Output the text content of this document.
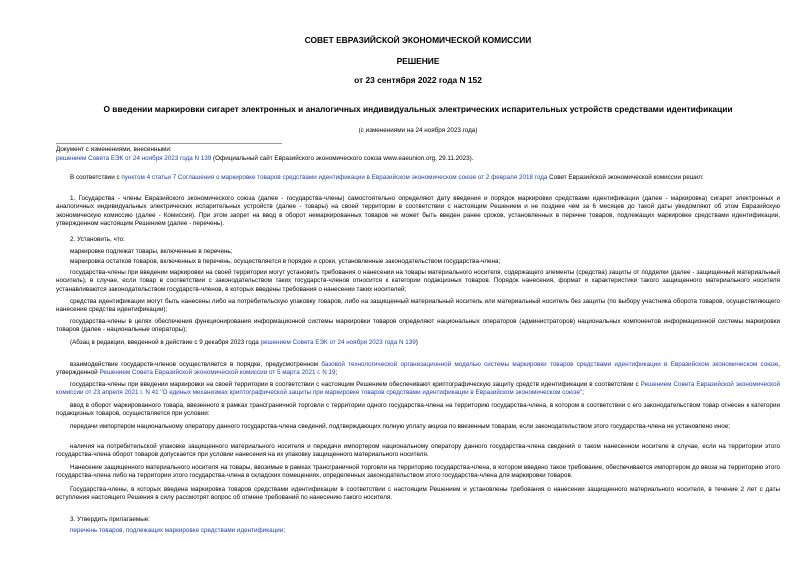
СОВЕТ ЕВРАЗИЙСКОЙ ЭКОНОМИЧЕСКОЙ КОМИССИИ
РЕШЕНИЕ
от 23 сентября 2022 года N 152
О введении маркировки сигарет электронных и аналогичных индивидуальных электрических испарительных устройств средствами идентификации
(с изменениями на 24 ноября 2023 года)
Документ с изменениями, внесенными:
решением Совета ЕЭК от 24 ноября 2023 года N 139 (Официальный сайт Евразийского экономического союза www.eaeunion.org, 29.11.2023).
В соответствии с пунктом 4 статьи 7 Соглашения о маркировке товаров средствами идентификации в Евразийском экономическом союзе от 2 февраля 2018 года Совет Евразийской экономической комиссии решил:
1. Государства - члены Евразийского экономического союза (далее - государства-члены) самостоятельно определяют дату введения и порядок маркировки средствами идентификации (далее - маркировка) сигарет электронных и аналогичных индивидуальных электрических испарительных устройств (далее - товары) на своей территории в соответствии с настоящим Решением и не позднее чем за 6 месяцев до такой даты уведомляют об этом Евразийскую экономическую комиссию (далее - Комиссия). При этом запрет на ввод в оборот немаркированных товаров не может быть введен ранее сроков, установленных в перечне товаров, подлежащих маркировке средствами идентификации, утвержденном настоящим Решением (далее - перечень).
2. Установить, что:
маркировке подлежат товары, включенные в перечень;
маркировка остатков товаров, включенных в перечень, осуществляется в порядке и сроки, установленные законодательством государства-члена;
государства-члены при введении маркировки на своей территории могут установить требования о нанесении на товары материального носителя, содержащего элементы (средства) защиты от подделки (далее - защищенный материальный носитель), в случае, если товар в соответствии с законодательством таких государств-членов относится к категории подакцизных товаров. Порядок нанесения, формат и характеристики такого защищенного материального носителя устанавливаются законодательством государств-членов, в которых введены требования о нанесении таких носителей;
средства идентификации могут быть нанесены либо на потребительскую упаковку товаров, либо на защищенный материальный носитель или материальный носитель без защиты (по выбору участника оборота товаров, осуществляющего нанесение средства идентификации);
государства-члены в целях обеспечения функционирования информационной системы маркировки товаров определяют национальных операторов (администраторов) национальных компонентов информационной системы маркировки товаров (далее - национальные операторы);
(Абзац в редакции, введенной в действие с 9 декабря 2023 года решением Совета ЕЭК от 24 ноября 2023 года N 139)
взаимодействие государств-членов осуществляется в порядке, предусмотренном базовой технологической организационной моделью системы маркировки товаров средствами идентификации в Евразийском экономическом союзе, утвержденной Решением Совета Евразийской экономической комиссии от 5 марта 2021 г. N 19;
государства-члены при введении маркировки на своей территории в соответствии с настоящим Решением обеспечивают криптографическую защиту средств идентификации в соответствии с Решением Совета Евразийской экономической комиссии от 23 апреля 2021 г. N 41 "О единых механизмах криптографической защиты при маркировке товаров средствами идентификации в Евразийском экономическом союзе";
ввод в оборот маркированного товара, ввезенного в рамках трансграничной торговли с территории одного государства-члена на территорию государства-члена, в котором в соответствии с его законодательством товар отнесен к категории подакцизных товаров, осуществляется при условии:
передачи импортером национальному оператору данного государства-члена сведений, подтверждающих полную уплату акциза по ввезенным товарам, если законодательством этого государства-члена не установлено иное;
наличия на потребительской упаковке защищенного материального носителя и передачи импортером национальному оператору данного государства-члена сведений о таком нанесенном носителе в случае, если на территории этого государства-члена оборот товаров допускается при условии нанесения на их упаковку защищенного материального носителя.
Нанесение защищенного материального носителя на товары, ввозимые в рамках трансграничной торговли на территорию государства-члена, в котором введено такое требование, обеспечивается импортером до ввоза на территорию этого государства-члена либо на территории этого государства-члена в складских помещениях, определенных законодательством этого государства-члена для маркировки товаров.
Государства-члены, в которых введена маркировка товаров средствами идентификации в соответствии с настоящим Решением и установлены требования о нанесении защищенного материального носителя, в течение 2 лет с даты вступления настоящего Решения в силу рассмотрят вопрос об отмене требований по нанесению такого носителя.
3. Утвердить прилагаемые:
перечень товаров, подлежащих маркировке средствами идентификации;
